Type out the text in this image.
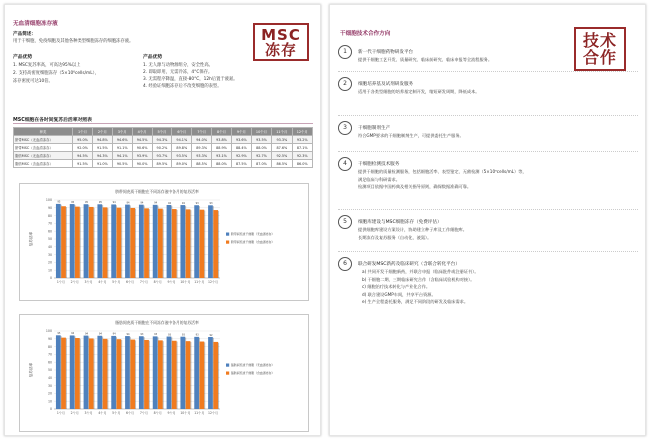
无血清细胞冻存液
产品简述：
用于干细胞、免疫细胞及其他各种类型细胞冻存的细胞冻存液。
产品优势
1. MSC复苏率高，可高达95%以上
2. 支持高密度细胞冻存（5×10⁶cells/mL），
冻存密度可达10倍。
产品优势
1. 无人源与动物源组分，安全性高。
2. 即取即用，无需冷冻，4°C保存。
3. 无需程序降温，直接-80°C，12h后置于液氮。
4. 经验证细胞冻存后不改变细胞的表型。
MSC
冻存
MSC细胞在各时间复苏后活率对照表
种类	1个月	2个月	3个月	4个月	5个月	6个月	7个月	8个月	9个月	10个月	11个月	12个月
脐带MSC（无血清冻存）	95.0%	94.8%	94.6%	94.5%	94.3%	94.1%	94.0%	93.8%	93.6%	93.5%	93.3%	93.2%
脐带MSC（含血清冻存）	92.0%	91.5%	91.1%	90.6%	90.2%	89.8%	89.3%	88.9%	88.4%	88.0%	87.6%	87.1%
脂肪MSC（无血清冻存）	94.5%	94.3%	94.1%	93.9%	93.7%	93.5%	93.3%	93.1%	92.9%	92.7%	92.5%	92.3%
脂肪MSC（含血清冻存）	91.5%	91.0%	90.5%	90.0%	89.5%	89.0%	88.5%	88.0%	87.5%	87.0%	86.5%	86.0%
脐带间充质干细胞在不同冻存液中各月的复苏活率
复苏活率
0
10
20
30
40
50
60
70
80
90
100 95
1个月
95
2个月
95
3个月
95
4个月
94
5个月
94
6个月
94
7个月
94
8个月
94
9个月
94
10个月
93
11个月
93
12个月
脐带间充质干细胞（无血清冻存）
脐带间充质干细胞（含血清冻存）
脂肪间充质干细胞在不同冻存液中各月的复苏活率
复苏活率
0
10
20
30
40
50
60
70
80
90
100
95
1个月
94
2个月
94
3个月
94
4个月
94
5个月
94
6个月
93
7个月
93
8个月
93
9个月
93
10个月
93
11个月
92
12个月
脂肪间充质干细胞（无血清冻存）
脂肪间充质干细胞（含血清冻存）
干细胞技术合作方向	技术
合作
1	新一代干细胞药物研发平台
提供干细胞工艺开发、质量研究、临床前研究、临床申报等全流程服务。
2	细胞培养基及试剂研发服务
适用于各类型细胞的培养基定制开发，缩短研发周期，降低成本。
3	干细胞制剂生产
符合GMP要求的干细胞制剂生产，可提供委托生产服务。
4	干细胞检测技术服务
提供干细胞的质量检测服务，包括细胞活率、表型鉴定、无菌检测（5×10⁶cells/mL）等，
满足临床与科研需求。
检测项目依据中国药典及相关指导原则，确保数据准确可靠。
5	细胞库建设与MSC细胞冻存（免费评估）
提供细胞库建设方案设计，协助建立种子库及工作细胞库。
长期冻存及复苏服务（自动化、液氮）。
6	联合研发MSC新药及临床研究（含联合转化平台）
a) 共同开发干细胞新药，并联合申报（临床批件或注册证书）。
b) 干细胞二期、三期临床研究合作（含临床试验机构对接）。
c) 细胞治疗技术转化与产业化合作。
d) 联合建设GMP车间，共享平台资源。
e) 生产全程委托服务，满足不同阶段的研发及临床需求。
